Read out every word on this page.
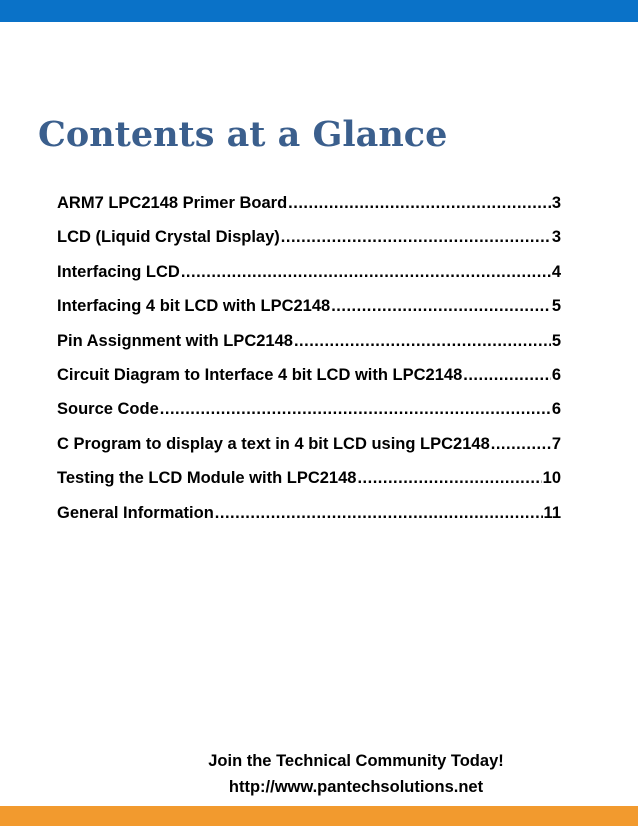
Contents at a Glance
ARM7 LPC2148 Primer Board .....	3
LCD (Liquid Crystal Display) .....	3
Interfacing LCD .....	4
Interfacing 4 bit LCD with LPC2148 .....	5
Pin Assignment with LPC2148 .....	5
Circuit Diagram to Interface 4 bit LCD with LPC2148 .....	6
Source Code .....	6
C Program to display a text in 4 bit LCD using LPC2148 .....	7
Testing the LCD Module with LPC2148 .....	10
General Information .....	11

Join the Technical Community Today!

http://www.pantechsolutions.net
